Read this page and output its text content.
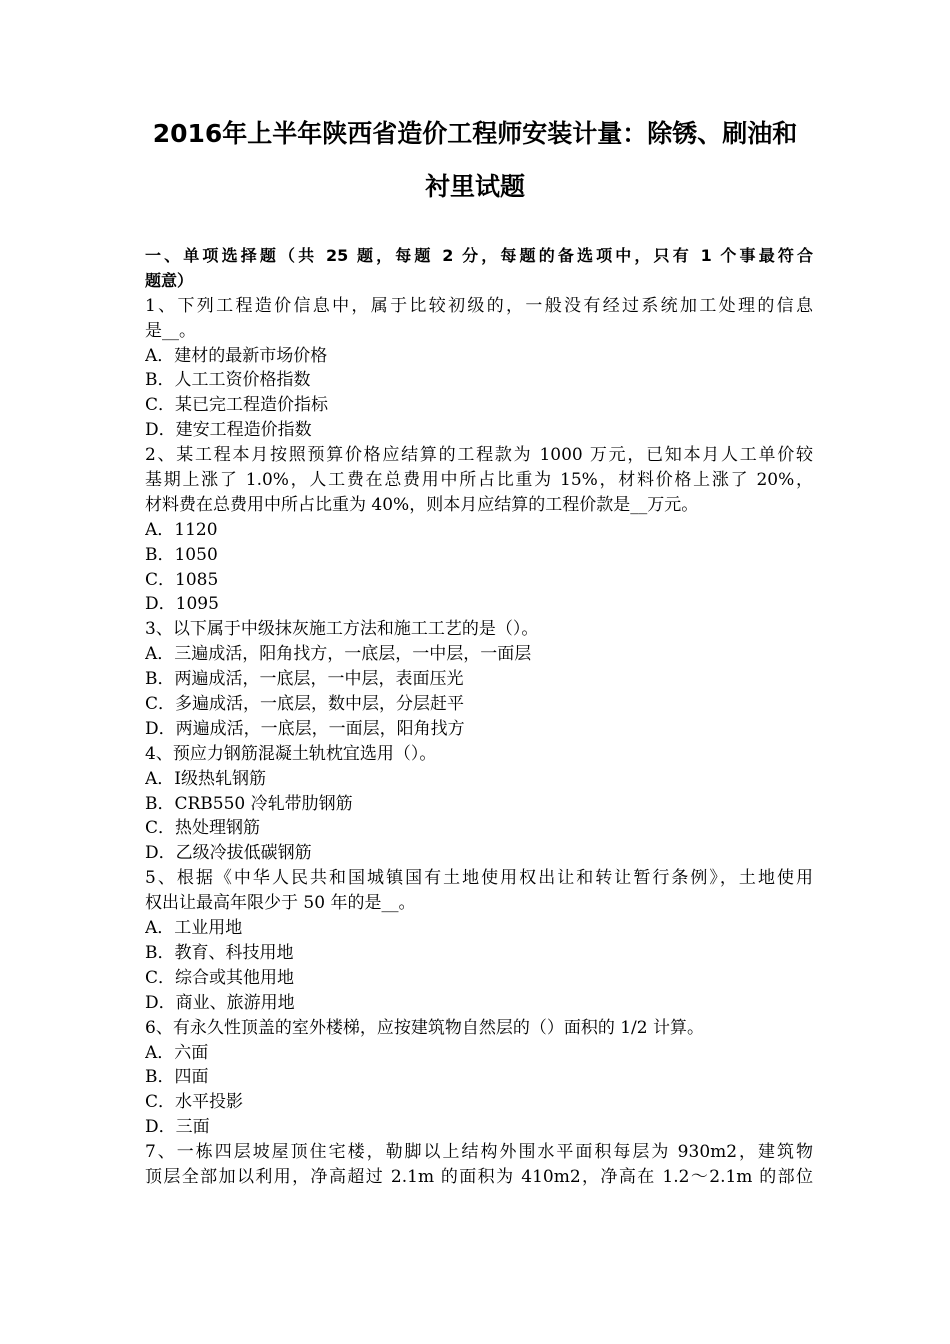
2016年上半年陕西省造价工程师安装计量：除锈、刷油和
衬里试题
一、单项选择题（共 25 题，每题 2 分，每题的备选项中，只有 1 个事最符合
题意）
1、下列工程造价信息中，属于比较初级的，一般没有经过系统加工处理的信息
是__。
A．建材的最新市场价格
B．人工工资价格指数
C．某已完工程造价指标
D．建安工程造价指数
2、某工程本月按照预算价格应结算的工程款为 1000 万元，已知本月人工单价较
基期上涨了 1.0%，人工费在总费用中所占比重为 15%，材料价格上涨了 20%，
材料费在总费用中所占比重为 40%，则本月应结算的工程价款是__万元。
A．1120
B．1050
C．1085
D．1095
3、以下属于中级抹灰施工方法和施工工艺的是（）。
A．三遍成活，阳角找方，一底层，一中层，一面层
B．两遍成活，一底层，一中层，表面压光
C．多遍成活，一底层，数中层，分层赶平
D．两遍成活，一底层，一面层，阳角找方
4、预应力钢筋混凝土轨枕宜选用（）。
A．Ⅰ级热轧钢筋
B．CRB550 冷轧带肋钢筋
C．热处理钢筋
D．乙级冷拔低碳钢筋
5、根据《中华人民共和国城镇国有土地使用权出让和转让暂行条例》，土地使用
权出让最高年限少于 50 年的是__。
A．工业用地
B．教育、科技用地
C．综合或其他用地
D．商业、旅游用地
6、有永久性顶盖的室外楼梯，应按建筑物自然层的（）面积的 1/2 计算。
A．六面
B．四面
C．水平投影
D．三面
7、一栋四层坡屋顶住宅楼，勒脚以上结构外围水平面积每层为 930m2，建筑物
顶层全部加以利用，净高超过 2.1m 的面积为 410m2，净高在 1.2～2.1m 的部位
